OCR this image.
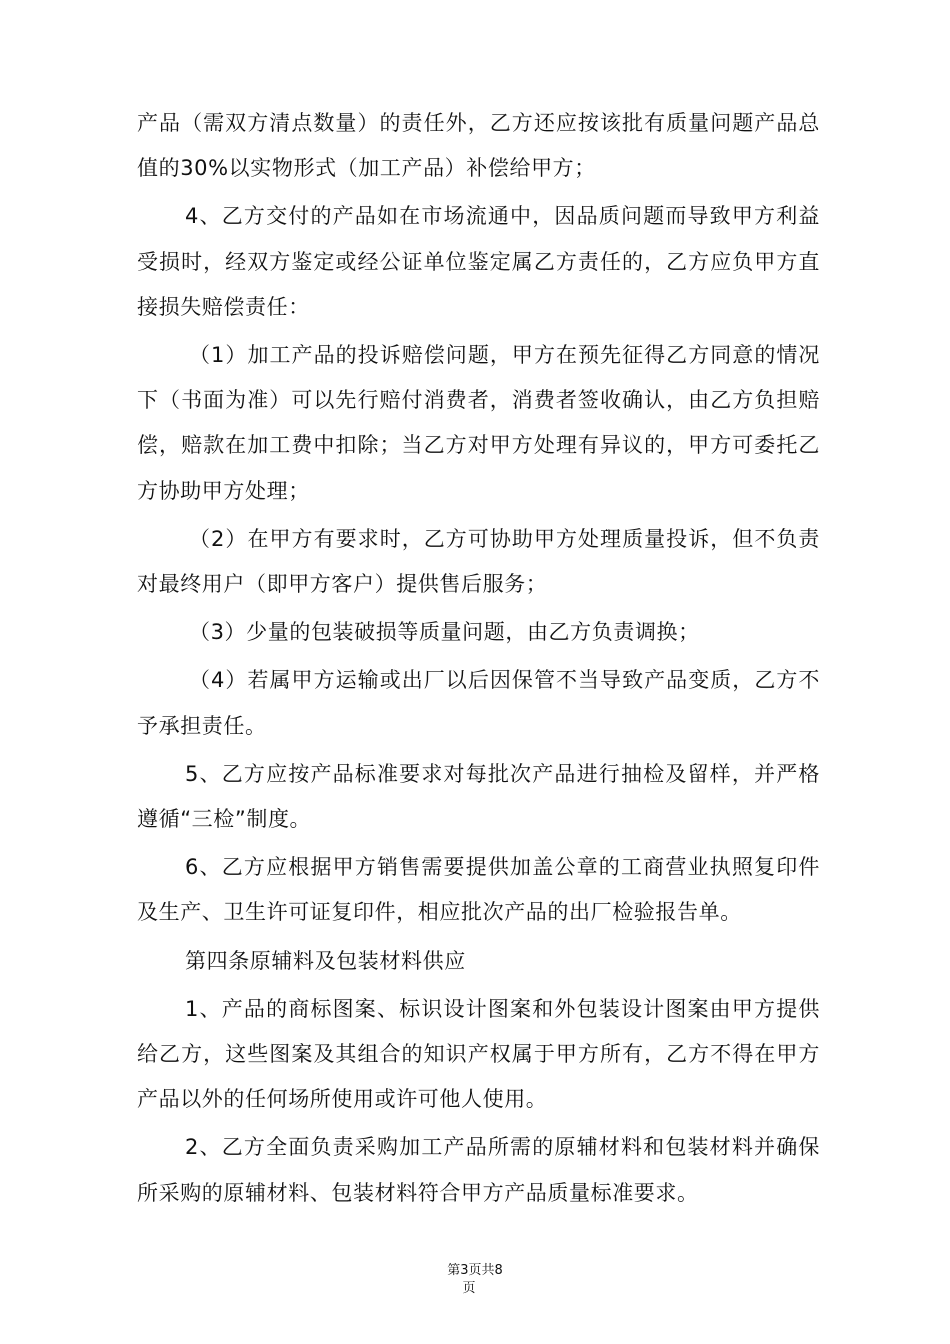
产品（需双方清点数量）的责任外，乙方还应按该批有质量问题产品总值的30%以实物形式（加工产品）补偿给甲方；

4、乙方交付的产品如在市场流通中，因品质问题而导致甲方利益受损时，经双方鉴定或经公证单位鉴定属乙方责任的，乙方应负甲方直接损失赔偿责任：

（1）加工产品的投诉赔偿问题，甲方在预先征得乙方同意的情况下（书面为准）可以先行赔付消费者，消费者签收确认，由乙方负担赔偿，赔款在加工费中扣除；当乙方对甲方处理有异议的，甲方可委托乙方协助甲方处理；

（2）在甲方有要求时，乙方可协助甲方处理质量投诉，但不负责对最终用户（即甲方客户）提供售后服务；

（3）少量的包装破损等质量问题，由乙方负责调换；

（4）若属甲方运输或出厂以后因保管不当导致产品变质，乙方不予承担责任。

5、乙方应按产品标准要求对每批次产品进行抽检及留样，并严格遵循“三检”制度。

6、乙方应根据甲方销售需要提供加盖公章的工商营业执照复印件及生产、卫生许可证复印件，相应批次产品的出厂检验报告单。

第四条原辅料及包装材料供应

1、产品的商标图案、标识设计图案和外包装设计图案由甲方提供给乙方，这些图案及其组合的知识产权属于甲方所有，乙方不得在甲方产品以外的任何场所使用或许可他人使用。

2、乙方全面负责采购加工产品所需的原辅材料和包装材料并确保所采购的原辅材料、包装材料符合甲方产品质量标准要求。

第3页共8
页
